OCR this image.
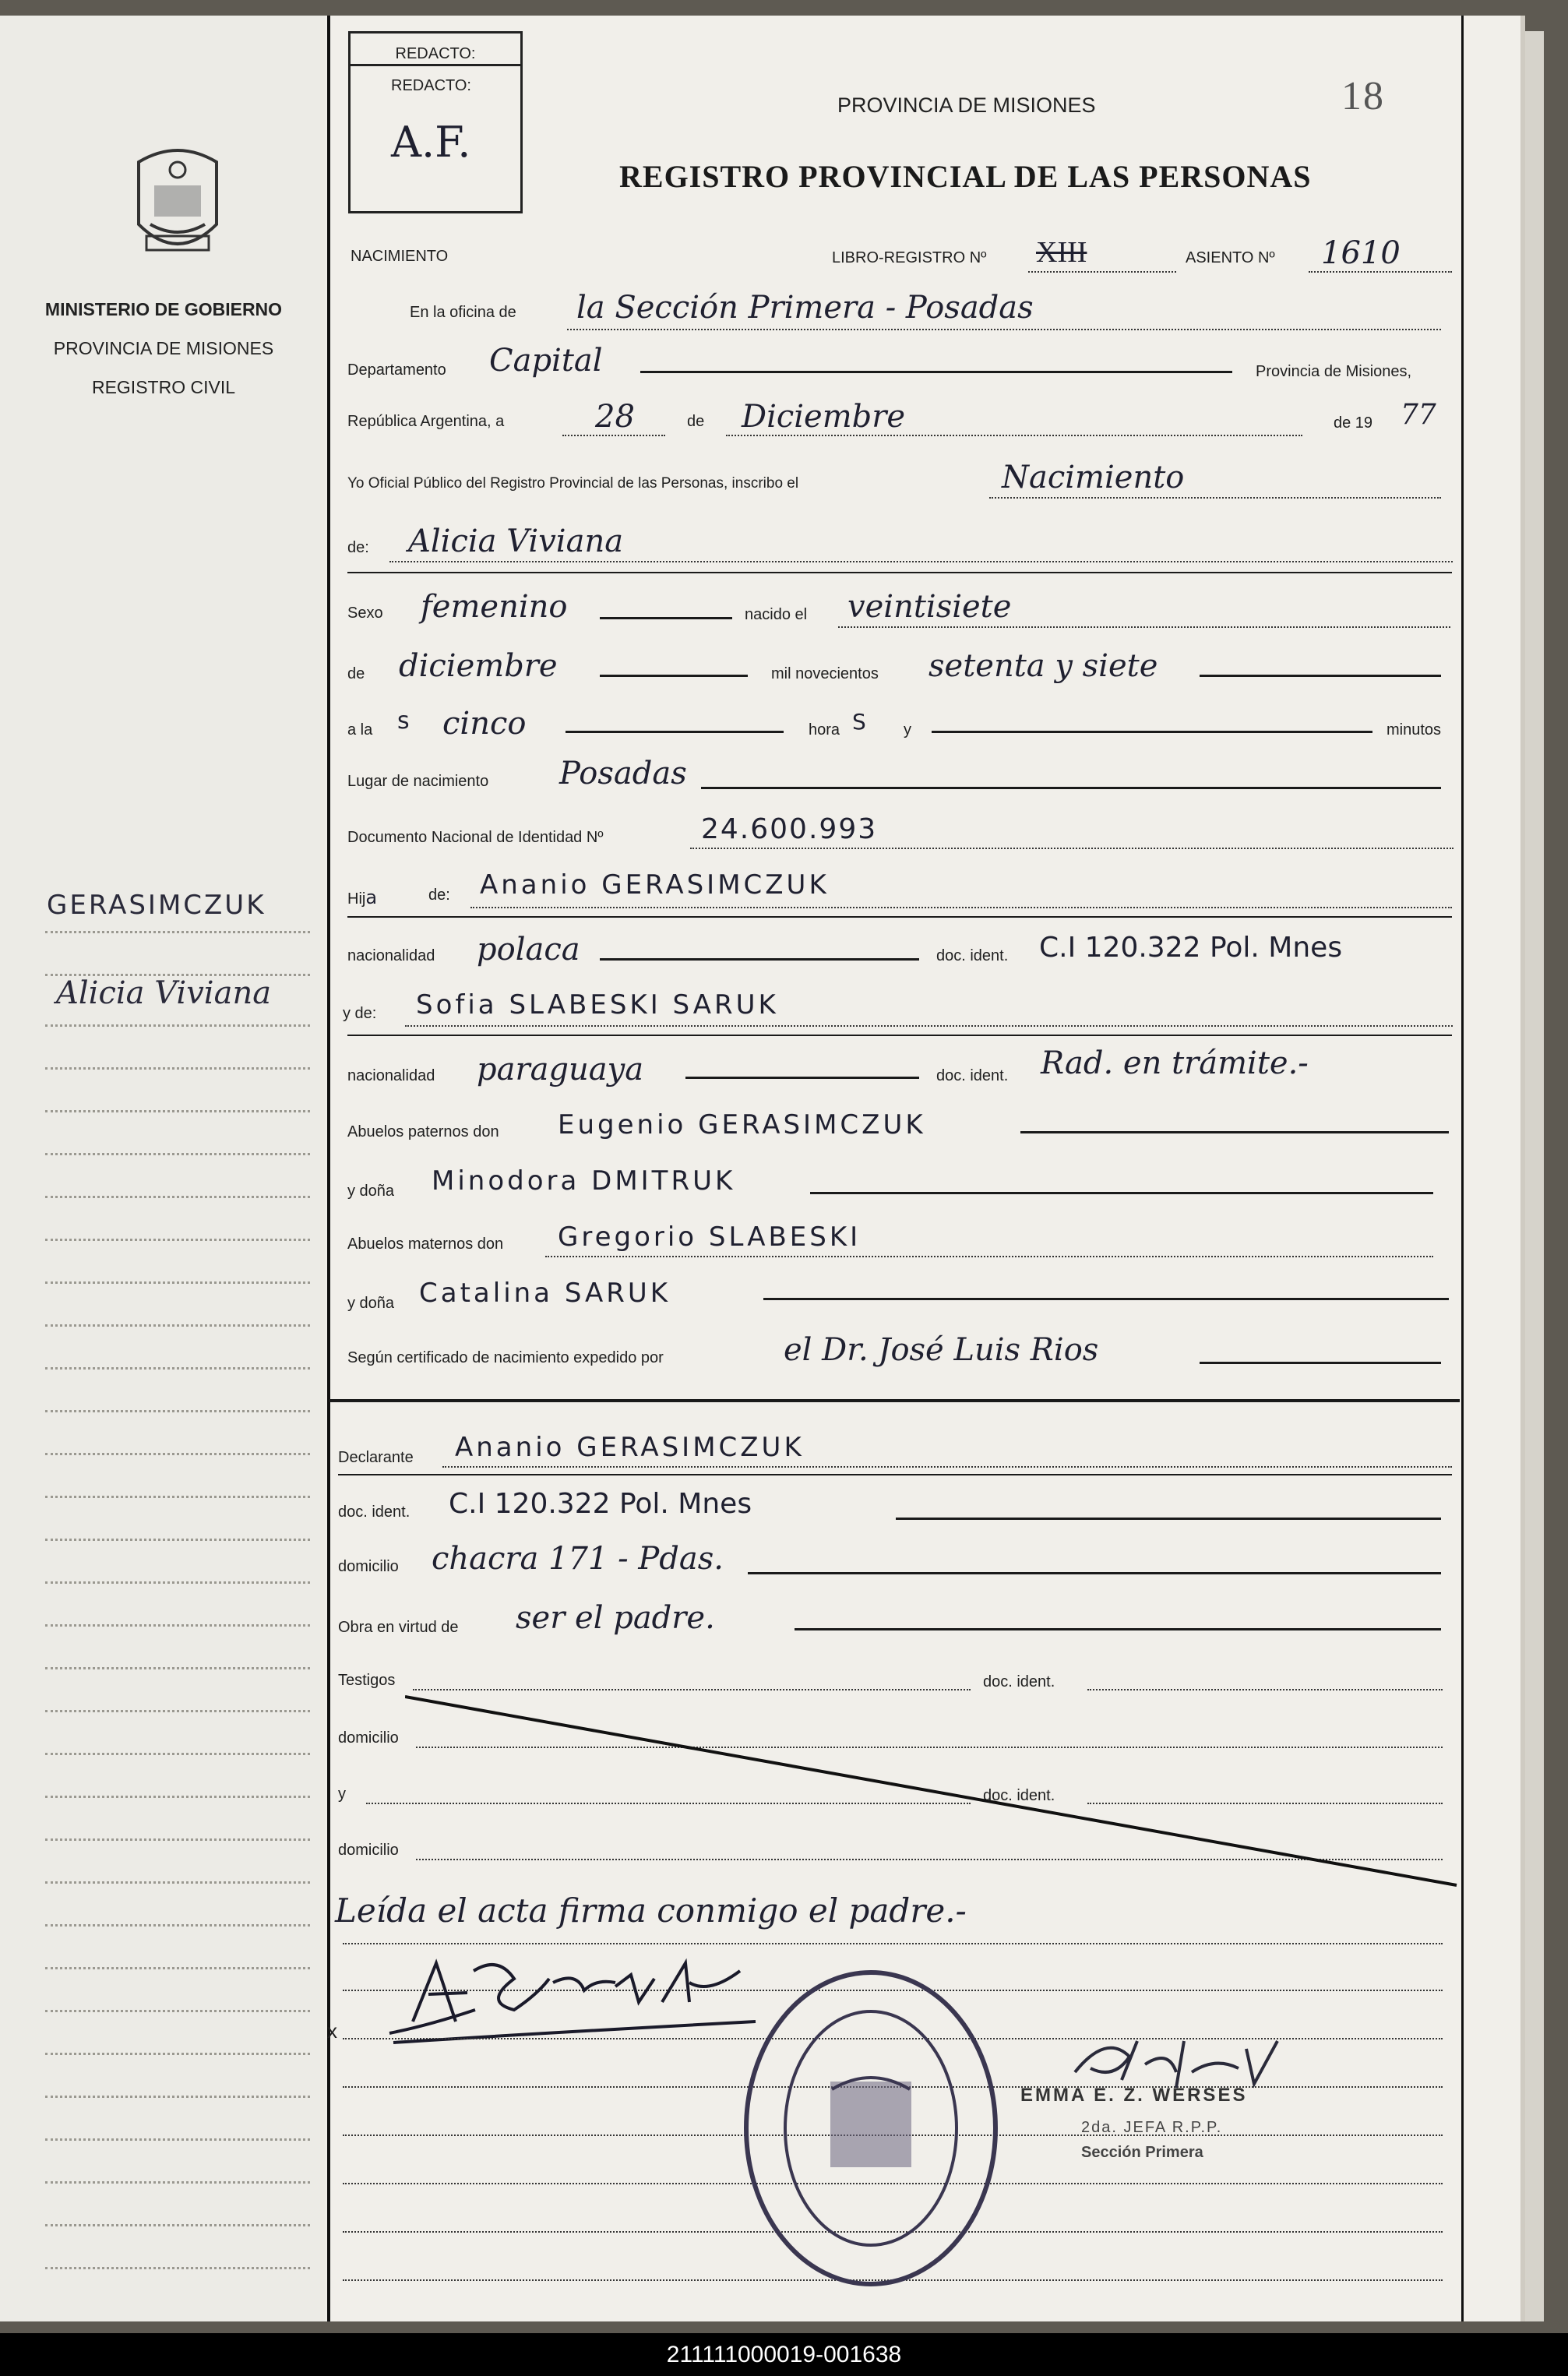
MINISTERIO DE GOBIERNO
PROVINCIA DE MISIONES
REGISTRO CIVIL
GERASIMCZUK
Alicia Viviana
REDACTO:
REDACTO:
A.F.
PROVINCIA DE MISIONES
REGISTRO PROVINCIAL DE LAS PERSONAS
18
NACIMIENTO	LIBRO-REGISTRO Nº XIII	ASIENTO Nº 1610
En la oficina de la Sección Primera - Posadas
Departamento Capital	Provincia de Misiones,
República Argentina, a	28	de Diciembre	de 19 77
Yo Oficial Público del Registro Provincial de las Personas, inscribo el	Nacimiento
de: Alicia Viviana
Sexo femenino	nacido el veintisiete
de diciembre	mil novecientos setenta y siete
a la s cinco	hora S y	minutos
Lugar de nacimiento Posadas
Documento Nacional de Identidad Nº	24.600.993
Hija	de: Ananio GERASIMCZUK
nacionalidad polaca	doc. ident. C.I 120.322 Pol. Mnes
y de: Sofia SLABESKI SARUK
nacionalidad paraguaya	doc. ident. Rad. en trámite.-
Abuelos paternos don Eugenio GERASIMCZUK
y doña Minodora DMITRUK
Abuelos maternos don Gregorio SLABESKI
y doña Catalina SARUK
Según certificado de nacimiento expedido por	el Dr. José Luis Rios
Declarante Ananio GERASIMCZUK
doc. ident. C.I 120.322 Pol. Mnes
domicilio chacra 171 - Pdas.
Obra en virtud de ser el padre.
Testigos	doc. ident.
domicilio
y	doc. ident.
domicilio
Leída el acta firma conmigo el padre.-
x
EMMA E. Z. WERSES
2da. JEFA R.P.P.
Sección Primera
211111000019-001638
